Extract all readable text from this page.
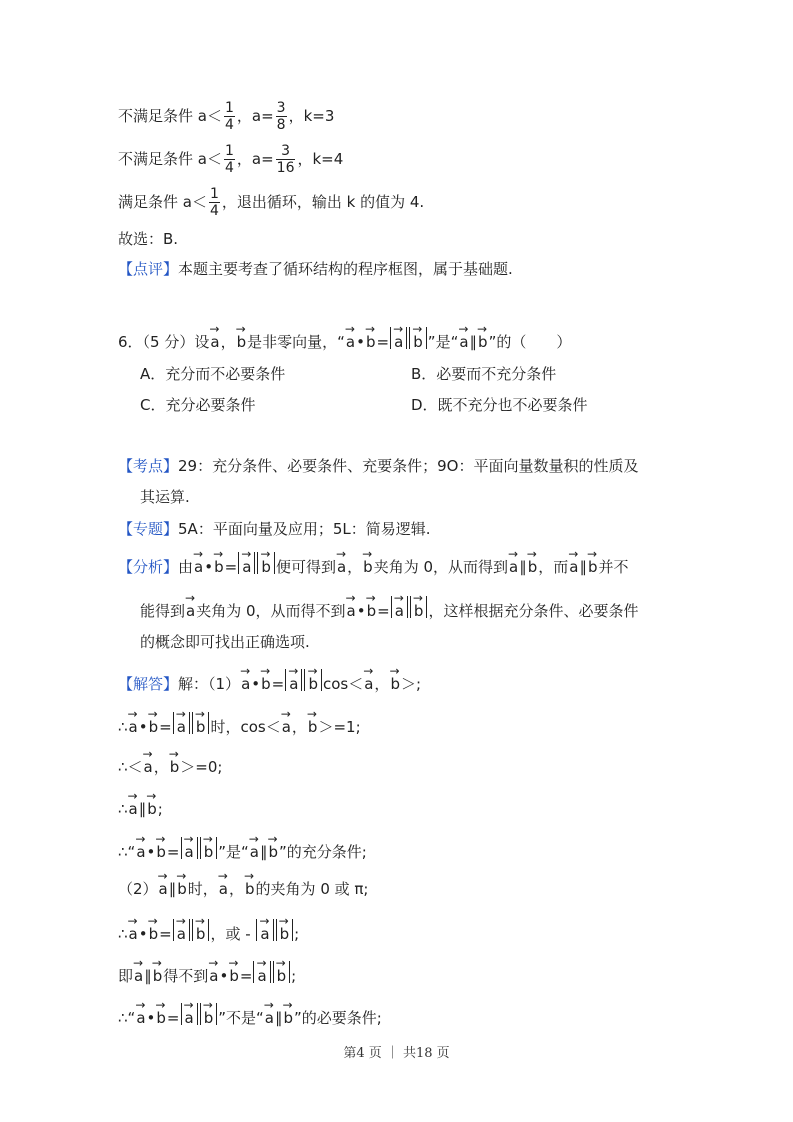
不满足条件 $a< \frac{1}{4}$ ，$a= \frac{3}{8}$ ，k=3
不满足条件 $a< \frac{1}{4}$ ，$a= \frac{3}{16}$ ，k=4
满足条件 $a< \frac{1}{4}$ ，退出循环，输出 k 的值为 4.
故选：B.
【点评】本题主要考查了循环结构的程序框图，属于基础题.
6．（5 分）设→ a，→ b是非零向量，“→ a•→ b= → a → b ”是“→ a∥→ b”的（　　）
A．充分而不必要条件	B．必要而不充分条件
C．充分必要条件	D．既不充分也不必要条件
【考点】29：充分条件、必要条件、充要条件；9O：平面向量数量积的性质及
其运算.
【专题】5A：平面向量及应用；5L：简易逻辑.
【分析】由→ a•→ b= → a → b 便可得到→ a，→ b夹角为 0，从而得到→ a∥→ b，而→ a∥→ b并不
能得到→ a夹角为 0，从而得不到→ a•→ b= → a → b ，这样根据充分条件、必要条件
的概念即可找出正确选项.
【解答】解：（1）→ a•→ b= → a → b cos＜→ a，→ b＞;
∴→ a•→ b= → a → b 时，cos＜→ a，→ b＞=1;
∴＜→ a，→ b＞=0;
∴→ a∥→ b;
∴“→ a•→ b= → a → b ”是“→ a∥→ b”的充分条件;
（2）→ a∥→ b时，→ a，→ b的夹角为 0 或 π;
∴→ a•→ b= → a → b ，或 - → a → b ;
即→ a∥→ b得不到→ a•→ b= → a → b ;
∴“→ a•→ b= → a → b ”不是“→ a∥→ b”的必要条件;
第4 页 ｜ 共18 页
